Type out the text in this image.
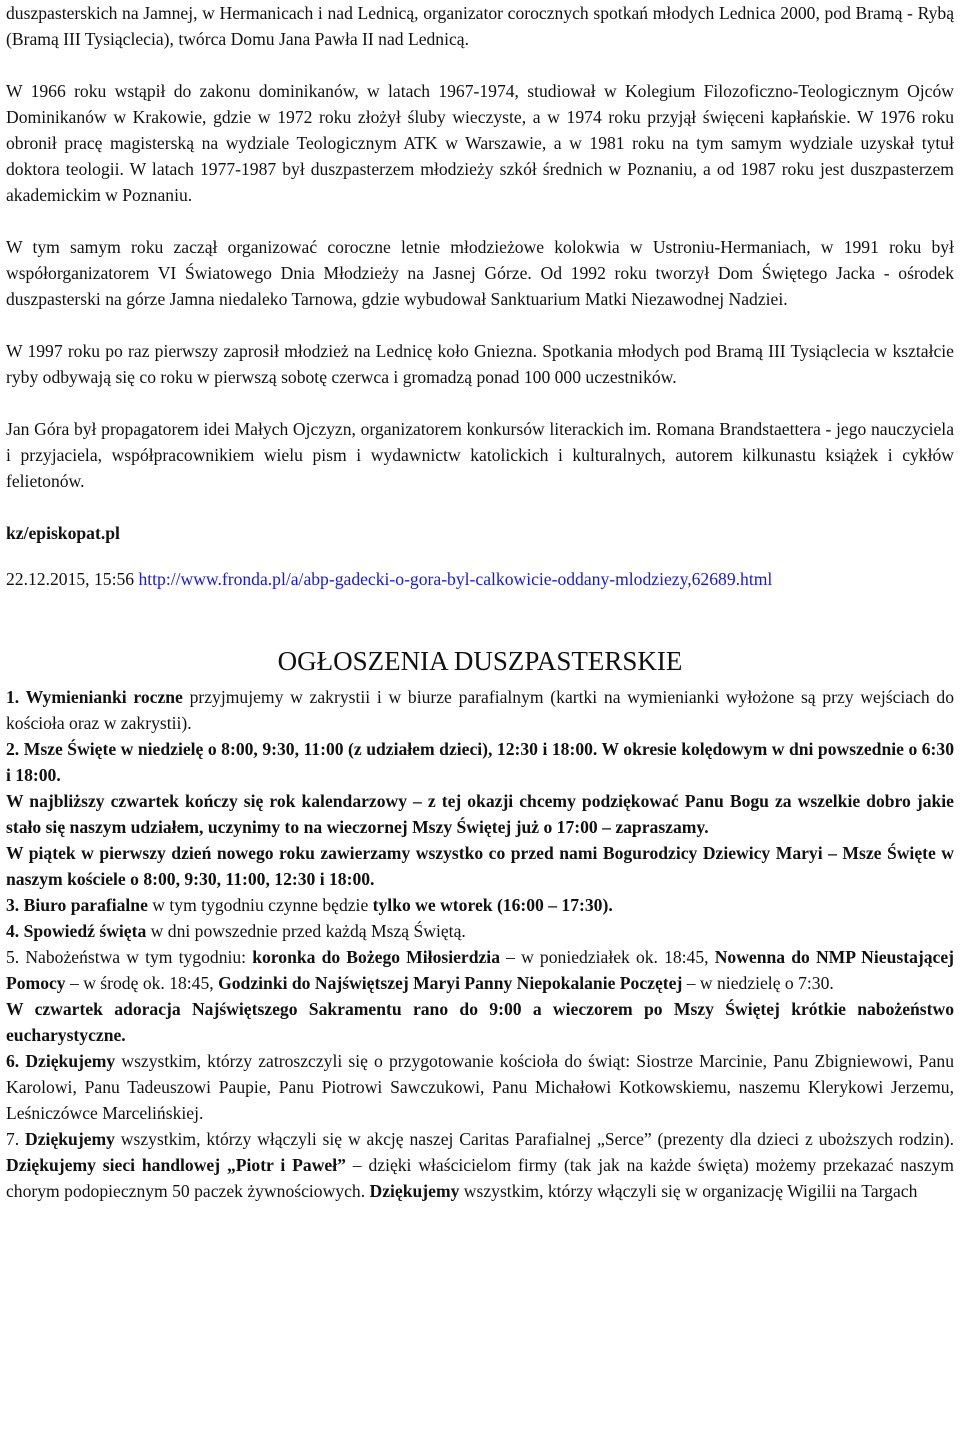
duszpasterskich na Jamnej, w Hermanicach i nad Lednicą, organizator corocznych spotkań młodych Lednica 2000, pod Bramą - Rybą (Bramą III Tysiąclecia), twórca Domu Jana Pawła II nad Lednicą.

W 1966 roku wstąpił do zakonu dominikanów, w latach 1967-1974, studiował w Kolegium Filozoficzno-Teologicznym Ojców Dominikanów w Krakowie, gdzie w 1972 roku złożył śluby wieczyste, a w 1974 roku przyjął święceni kapłańskie. W 1976 roku obronił pracę magisterską na wydziale Teologicznym ATK w Warszawie, a w 1981 roku na tym samym wydziale uzyskał tytuł doktora teologii. W latach 1977-1987 był duszpasterzem młodzieży szkół średnich w Poznaniu, a od 1987 roku jest duszpasterzem akademickim w Poznaniu.

W tym samym roku zaczął organizować coroczne letnie młodzieżowe kolokwia w Ustroniu-Hermaniach, w 1991 roku był współorganizatorem VI Światowego Dnia Młodzieży na Jasnej Górze. Od 1992 roku tworzył Dom Świętego Jacka - ośrodek duszpasterski na górze Jamna niedaleko Tarnowa, gdzie wybudował Sanktuarium Matki Niezawodnej Nadziei.

W 1997 roku po raz pierwszy zaprosił młodzież na Lednicę koło Gniezna. Spotkania młodych pod Bramą III Tysiąclecia w kształcie ryby odbywają się co roku w pierwszą sobotę czerwca i gromadzą ponad 100 000 uczestników.

Jan Góra był propagatorem idei Małych Ojczyzn, organizatorem konkursów literackich im. Romana Brandstaettera - jego nauczyciela i przyjaciela, współpracownikiem wielu pism i wydawnictw katolickich i kulturalnych, autorem kilkunastu książek i cykłów felietonów.

kz/episkopat.pl

22.12.2015, 15:56 http://www.fronda.pl/a/abp-gadecki-o-gora-byl-calkowicie-oddany-mlodziezy,62689.html

OGŁOSZENIA DUSZPASTERSKIE

1. Wymienianki roczne przyjmujemy w zakrystii i w biurze parafialnym (kartki na wymienianki wyłożone są przy wejściach do kościoła oraz w zakrystii).

2. Msze Święte w niedzielę o 8:00, 9:30, 11:00 (z udziałem dzieci), 12:30 i 18:00. W okresie kolędowym w dni powszednie o 6:30 i 18:00.

W najbliższy czwartek kończy się rok kalendarzowy – z tej okazji chcemy podziękować Panu Bogu za wszelkie dobro jakie stało się naszym udziałem, uczynimy to na wieczornej Mszy Świętej już o 17:00 – zapraszamy.

W piątek w pierwszy dzień nowego roku zawierzamy wszystko co przed nami Bogurodzicy Dziewicy Maryi – Msze Święte w naszym kościele o 8:00, 9:30, 11:00, 12:30 i 18:00.

3. Biuro parafialne w tym tygodniu czynne będzie tylko we wtorek (16:00 – 17:30).

4. Spowiedź święta w dni powszednie przed każdą Mszą Świętą.

5. Nabożeństwa w tym tygodniu: koronka do Bożego Miłosierdzia – w poniedziałek ok. 18:45, Nowenna do NMP Nieustającej Pomocy – w środę ok. 18:45, Godzinki do Najświętszej Maryi Panny Niepokalanie Poczętej – w niedzielę o 7:30.

W czwartek adoracja Najświętszego Sakramentu rano do 9:00 a wieczorem po Mszy Świętej krótkie nabożeństwo eucharystyczne.

6. Dziękujemy wszystkim, którzy zatroszczyli się o przygotowanie kościoła do świąt: Siostrze Marcinie, Panu Zbigniewowi, Panu Karolowi, Panu Tadeuszowi Paupie, Panu Piotrowi Sawczukowi, Panu Michałowi Kotkowskiemu, naszemu Klerykowi Jerzemu, Leśniczówce Marcelińskiej.

7. Dziękujemy wszystkim, którzy włączyli się w akcję naszej Caritas Parafialnej „Serce” (prezenty dla dzieci z uboższych rodzin). Dziękujemy sieci handlowej „Piotr i Paweł” – dzięki właścicielom firmy (tak jak na każde święta) możemy przekazać naszym chorym podopiecznym 50 paczek żywnościowych. Dziękujemy wszystkim, którzy włączyli się w organizację Wigilii na Targach
